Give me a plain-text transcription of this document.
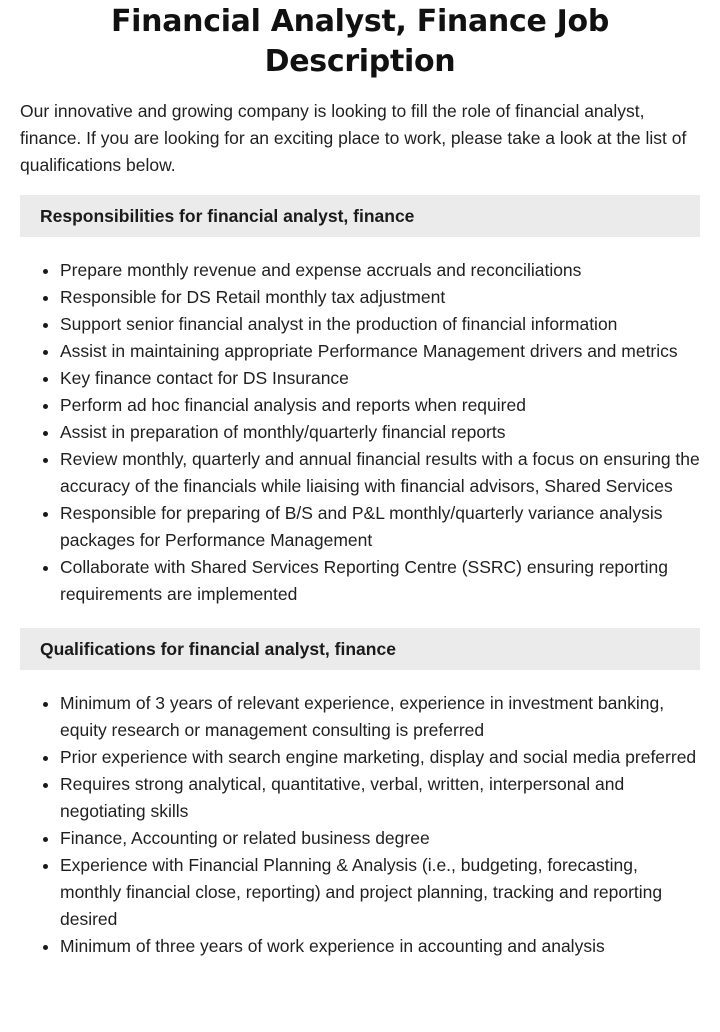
Financial Analyst, Finance Job Description

Our innovative and growing company is looking to fill the role of financial analyst, finance. If you are looking for an exciting place to work, please take a look at the list of qualifications below.

Responsibilities for financial analyst, finance
Prepare monthly revenue and expense accruals and reconciliations
Responsible for DS Retail monthly tax adjustment
Support senior financial analyst in the production of financial information
Assist in maintaining appropriate Performance Management drivers and metrics
Key finance contact for DS Insurance
Perform ad hoc financial analysis and reports when required
Assist in preparation of monthly/quarterly financial reports
Review monthly, quarterly and annual financial results with a focus on ensuring the accuracy of the financials while liaising with financial advisors, Shared Services
Responsible for preparing of B/S and P&L monthly/quarterly variance analysis packages for Performance Management
Collaborate with Shared Services Reporting Centre (SSRC) ensuring reporting requirements are implemented
Qualifications for financial analyst, finance
Minimum of 3 years of relevant experience, experience in investment banking, equity research or management consulting is preferred
Prior experience with search engine marketing, display and social media preferred
Requires strong analytical, quantitative, verbal, written, interpersonal and negotiating skills
Finance, Accounting or related business degree
Experience with Financial Planning & Analysis (i.e., budgeting, forecasting, monthly financial close, reporting) and project planning, tracking and reporting desired
Minimum of three years of work experience in accounting and analysis
